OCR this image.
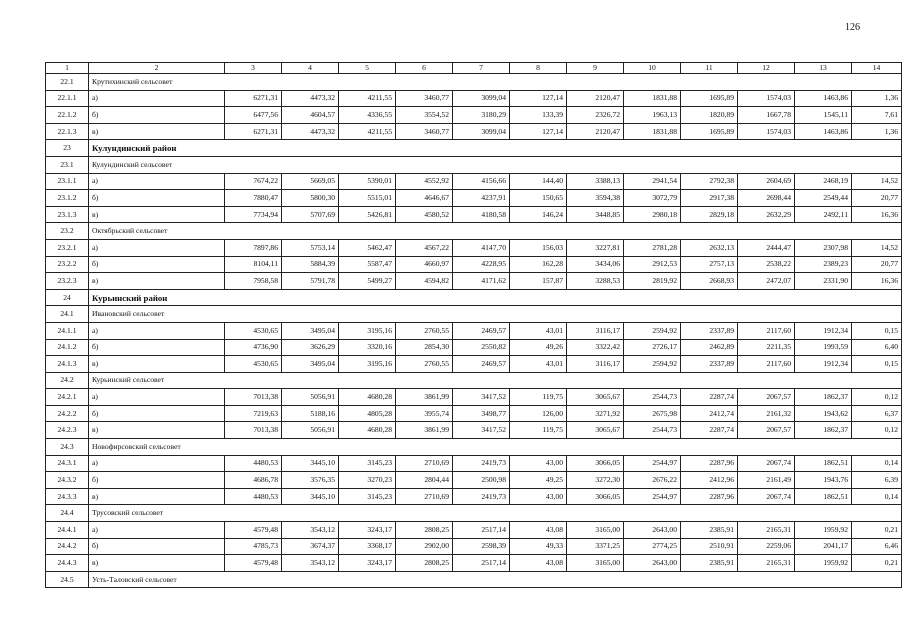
126
1	2	3	4	5	6	7	8	9	10	11	12	13	14
22.1	Крутихинский сельсовет												
22.1.1	а)	6271,31	4473,32	4211,55	3460,77	3099,04	127,14	2120,47	1831,88	1695,89	1574,03	1463,86	1,36
22.1.2	б)	6477,56	4604,57	4336,55	3554,52	3180,29	133,39	2326,72	1963,13	1820,89	1667,78	1545,11	7,61
22.1.3	в)	6271,31	4473,32	4211,55	3460,77	3099,04	127,14	2120,47	1831,88	1695,89	1574,03	1463,86	1,36
23	Кулундинский район												
23.1	Кулундинский сельсовет												
23.1.1	а)	7674,22	5669,05	5390,01	4552,92	4156,66	144,40	3388,13	2941,54	2792,38	2604,69	2468,19	14,52
23.1.2	б)	7880,47	5800,30	5515,01	4646,67	4237,91	150,65	3594,38	3072,79	2917,38	2698,44	2549,44	20,77
23.1.3	в)	7734,94	5707,69	5426,81	4580,52	4180,58	146,24	3448,85	2980,18	2829,18	2632,29	2492,11	16,36
23.2	Октябрьский сельсовет												
23.2.1	а)	7897,86	5753,14	5462,47	4567,22	4147,70	156,03	3227,81	2781,28	2632,13	2444,47	2307,98	14,52
23.2.2	б)	8104,11	5884,39	5587,47	4660,97	4228,95	162,28	3434,06	2912,53	2757,13	2538,22	2389,23	20,77
23.2.3	в)	7958,58	5791,78	5499,27	4594,82	4171,62	157,87	3288,53	2819,92	2668,93	2472,07	2331,90	16,36
24	Курьинский район												
24.1	Ивановский сельсовет												
24.1.1	а)	4530,65	3495,04	3195,16	2760,55	2469,57	43,01	3116,17	2594,92	2337,89	2117,60	1912,34	0,15
24.1.2	б)	4736,90	3626,29	3320,16	2854,30	2550,82	49,26	3322,42	2726,17	2462,89	2211,35	1993,59	6,40
24.1.3	в)	4530,65	3495,04	3195,16	2760,55	2469,57	43,01	3116,17	2594,92	2337,89	2117,60	1912,34	0,15
24.2	Курьинский сельсовет												
24.2.1	а)	7013,38	5056,91	4680,28	3861,99	3417,52	119,75	3065,67	2544,73	2287,74	2067,57	1862,37	0,12
24.2.2	б)	7219,63	5188,16	4805,28	3955,74	3498,77	126,00	3271,92	2675,98	2412,74	2161,32	1943,62	6,37
24.2.3	в)	7013,38	5056,91	4680,28	3861,99	3417,52	119,75	3065,67	2544,73	2287,74	2067,57	1862,37	0,12
24.3	Новофирсовский сельсовет												
24.3.1	а)	4480,53	3445,10	3145,23	2710,69	2419,73	43,00	3066,05	2544,97	2287,96	2067,74	1862,51	0,14
24.3.2	б)	4686,78	3576,35	3270,23	2804,44	2500,98	49,25	3272,30	2676,22	2412,96	2161,49	1943,76	6,39
24.3.3	в)	4480,53	3445,10	3145,23	2710,69	2419,73	43,00	3066,05	2544,97	2287,96	2067,74	1862,51	0,14
24.4	Трусовский сельсовет												
24.4.1	а)	4579,48	3543,12	3243,17	2808,25	2517,14	43,08	3165,00	2643,00	2385,91	2165,31	1959,92	0,21
24.4.2	б)	4785,73	3674,37	3368,17	2902,00	2598,39	49,33	3371,25	2774,25	2510,91	2259,06	2041,17	6,46
24.4.3	в)	4579,48	3543,12	3243,17	2808,25	2517,14	43,08	3165,00	2643,00	2385,91	2165,31	1959,92	0,21
24.5	Усть-Таловский сельсовет												
